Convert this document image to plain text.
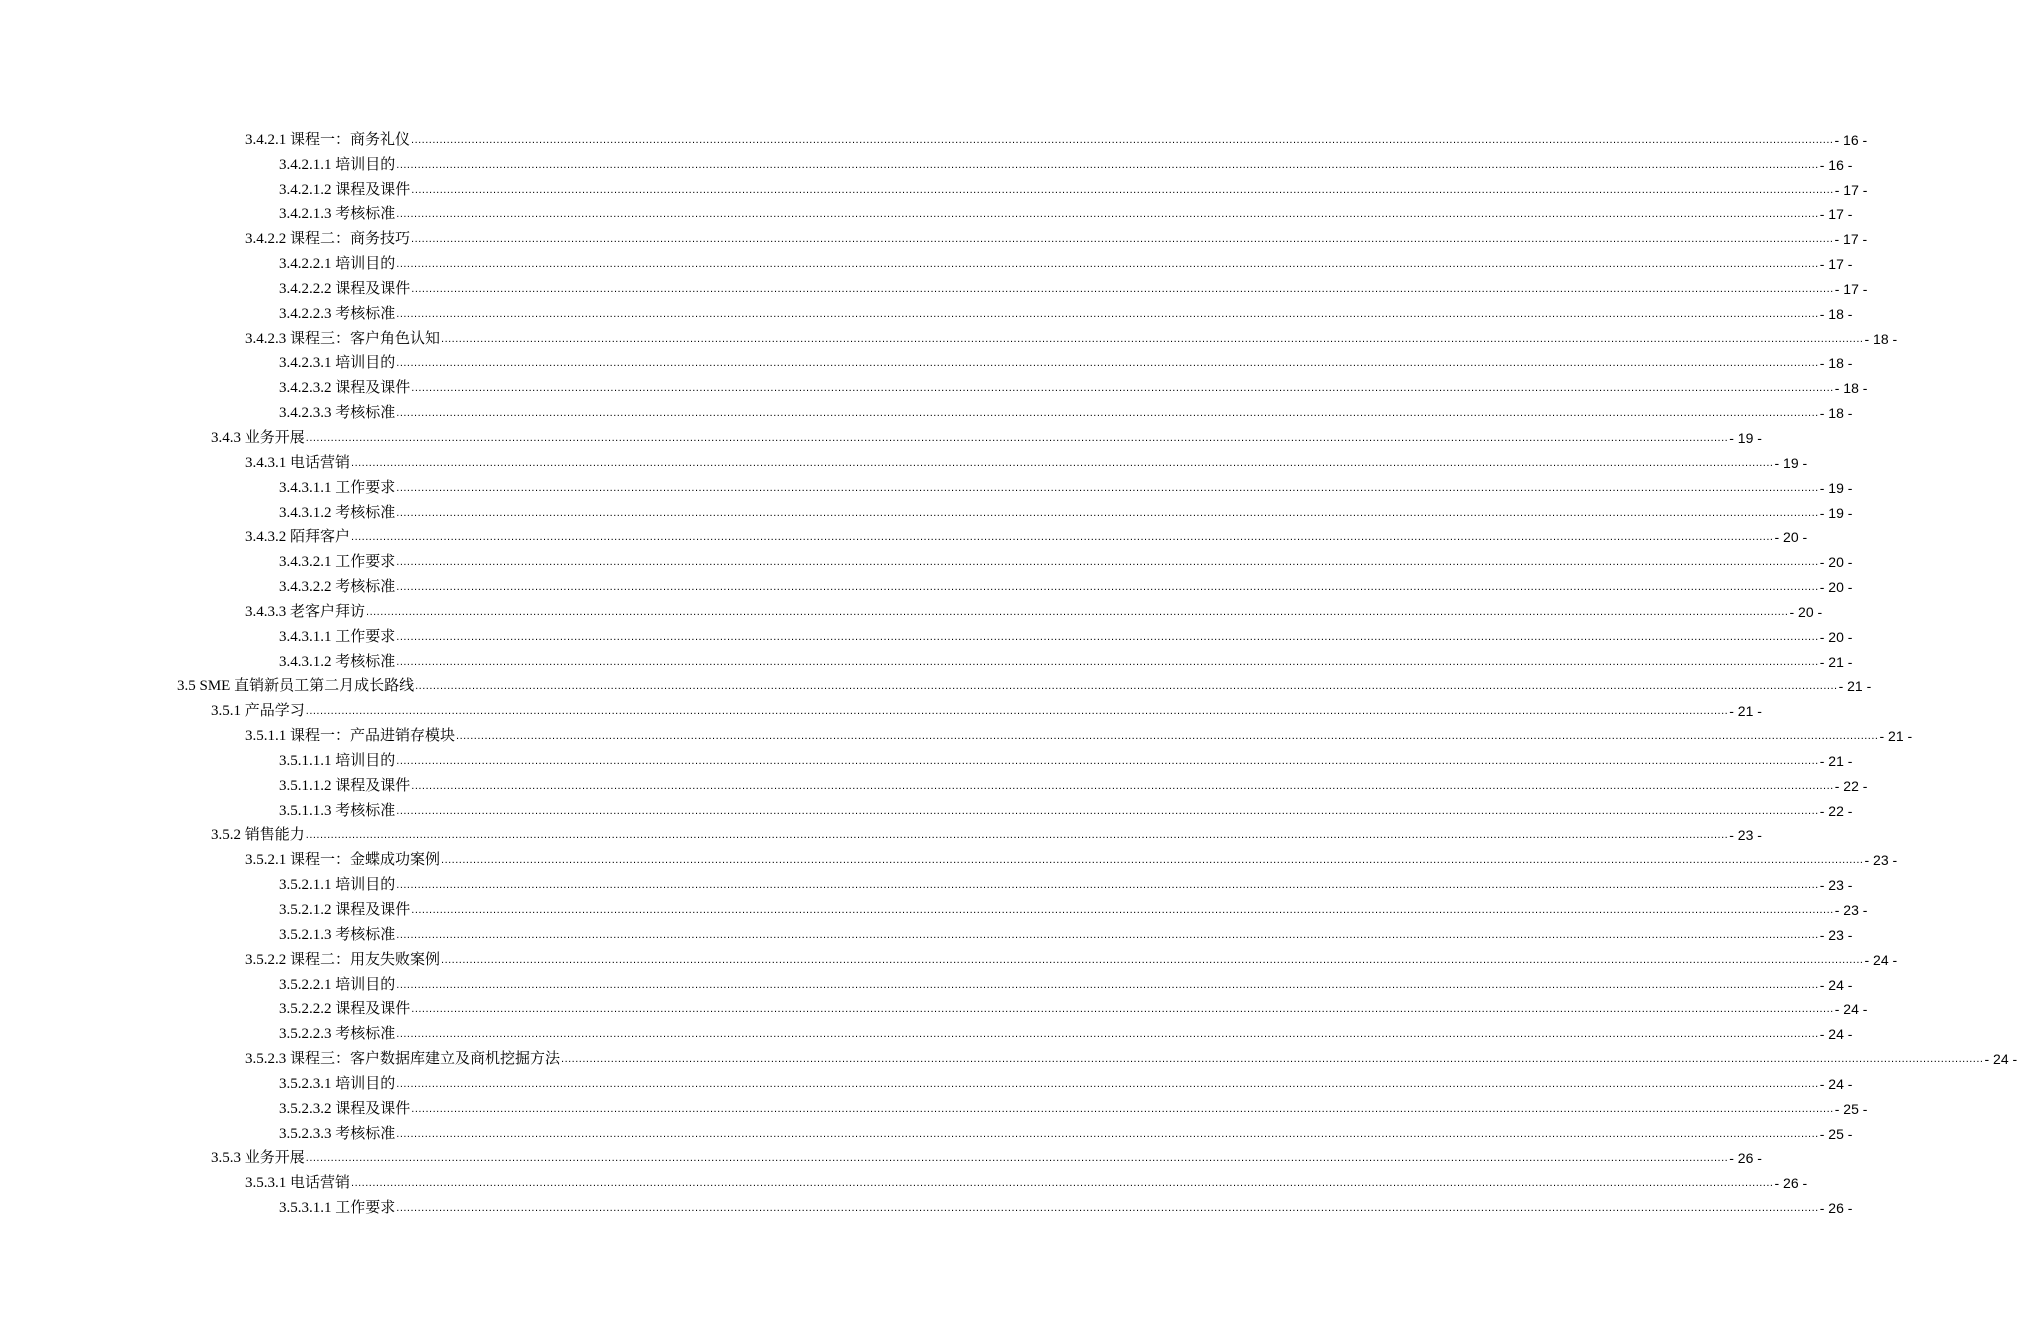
3.4.2.1 课程一：商务礼仪 ................................................................................................................................................................................................................................................................................................................................................................................................................ - 16 -
3.4.2.1.1 培训目的 ................................................................................................................................................................................................................................................................................................................................................................................................................ - 16 -
3.4.2.1.2 课程及课件 ................................................................................................................................................................................................................................................................................................................................................................................................................ - 17 -
3.4.2.1.3 考核标准 ................................................................................................................................................................................................................................................................................................................................................................................................................ - 17 -
3.4.2.2 课程二：商务技巧 ................................................................................................................................................................................................................................................................................................................................................................................................................ - 17 -
3.4.2.2.1 培训目的 ................................................................................................................................................................................................................................................................................................................................................................................................................ - 17 -
3.4.2.2.2 课程及课件 ................................................................................................................................................................................................................................................................................................................................................................................................................ - 17 -
3.4.2.2.3 考核标准 ................................................................................................................................................................................................................................................................................................................................................................................................................ - 18 -
3.4.2.3 课程三：客户角色认知 ................................................................................................................................................................................................................................................................................................................................................................................................................ - 18 -
3.4.2.3.1 培训目的 ................................................................................................................................................................................................................................................................................................................................................................................................................ - 18 -
3.4.2.3.2 课程及课件 ................................................................................................................................................................................................................................................................................................................................................................................................................ - 18 -
3.4.2.3.3 考核标准 ................................................................................................................................................................................................................................................................................................................................................................................................................ - 18 -
3.4.3 业务开展 ................................................................................................................................................................................................................................................................................................................................................................................................................ - 19 -
3.4.3.1 电话营销 ................................................................................................................................................................................................................................................................................................................................................................................................................ - 19 -
3.4.3.1.1 工作要求 ................................................................................................................................................................................................................................................................................................................................................................................................................ - 19 -
3.4.3.1.2 考核标准 ................................................................................................................................................................................................................................................................................................................................................................................................................ - 19 -
3.4.3.2 陌拜客户 ................................................................................................................................................................................................................................................................................................................................................................................................................ - 20 -
3.4.3.2.1 工作要求 ................................................................................................................................................................................................................................................................................................................................................................................................................ - 20 -
3.4.3.2.2 考核标准 ................................................................................................................................................................................................................................................................................................................................................................................................................ - 20 -
3.4.3.3 老客户拜访 ................................................................................................................................................................................................................................................................................................................................................................................................................ - 20 -
3.4.3.1.1 工作要求 ................................................................................................................................................................................................................................................................................................................................................................................................................ - 20 -
3.4.3.1.2 考核标准 ................................................................................................................................................................................................................................................................................................................................................................................................................ - 21 -
3.5 SME 直销新员工第二月成长路线 ................................................................................................................................................................................................................................................................................................................................................................................................................ - 21 -
3.5.1 产品学习 ................................................................................................................................................................................................................................................................................................................................................................................................................ - 21 -
3.5.1.1 课程一：产品进销存模块 ................................................................................................................................................................................................................................................................................................................................................................................................................ - 21 -
3.5.1.1.1 培训目的 ................................................................................................................................................................................................................................................................................................................................................................................................................ - 21 -
3.5.1.1.2 课程及课件 ................................................................................................................................................................................................................................................................................................................................................................................................................ - 22 -
3.5.1.1.3 考核标准 ................................................................................................................................................................................................................................................................................................................................................................................................................ - 22 -
3.5.2 销售能力 ................................................................................................................................................................................................................................................................................................................................................................................................................ - 23 -
3.5.2.1 课程一：金蝶成功案例 ................................................................................................................................................................................................................................................................................................................................................................................................................ - 23 -
3.5.2.1.1 培训目的 ................................................................................................................................................................................................................................................................................................................................................................................................................ - 23 -
3.5.2.1.2 课程及课件 ................................................................................................................................................................................................................................................................................................................................................................................................................ - 23 -
3.5.2.1.3 考核标准 ................................................................................................................................................................................................................................................................................................................................................................................................................ - 23 -
3.5.2.2 课程二：用友失败案例 ................................................................................................................................................................................................................................................................................................................................................................................................................ - 24 -
3.5.2.2.1 培训目的 ................................................................................................................................................................................................................................................................................................................................................................................................................ - 24 -
3.5.2.2.2 课程及课件 ................................................................................................................................................................................................................................................................................................................................................................................................................ - 24 -
3.5.2.2.3 考核标准 ................................................................................................................................................................................................................................................................................................................................................................................................................ - 24 -
3.5.2.3 课程三：客户数据库建立及商机挖掘方法 ................................................................................................................................................................................................................................................................................................................................................................................................................ - 24 -
3.5.2.3.1 培训目的 ................................................................................................................................................................................................................................................................................................................................................................................................................ - 24 -
3.5.2.3.2 课程及课件 ................................................................................................................................................................................................................................................................................................................................................................................................................ - 25 -
3.5.2.3.3 考核标准 ................................................................................................................................................................................................................................................................................................................................................................................................................ - 25 -
3.5.3 业务开展 ................................................................................................................................................................................................................................................................................................................................................................................................................ - 26 -
3.5.3.1 电话营销 ................................................................................................................................................................................................................................................................................................................................................................................................................ - 26 -
3.5.3.1.1 工作要求 ................................................................................................................................................................................................................................................................................................................................................................................................................ - 26 -
